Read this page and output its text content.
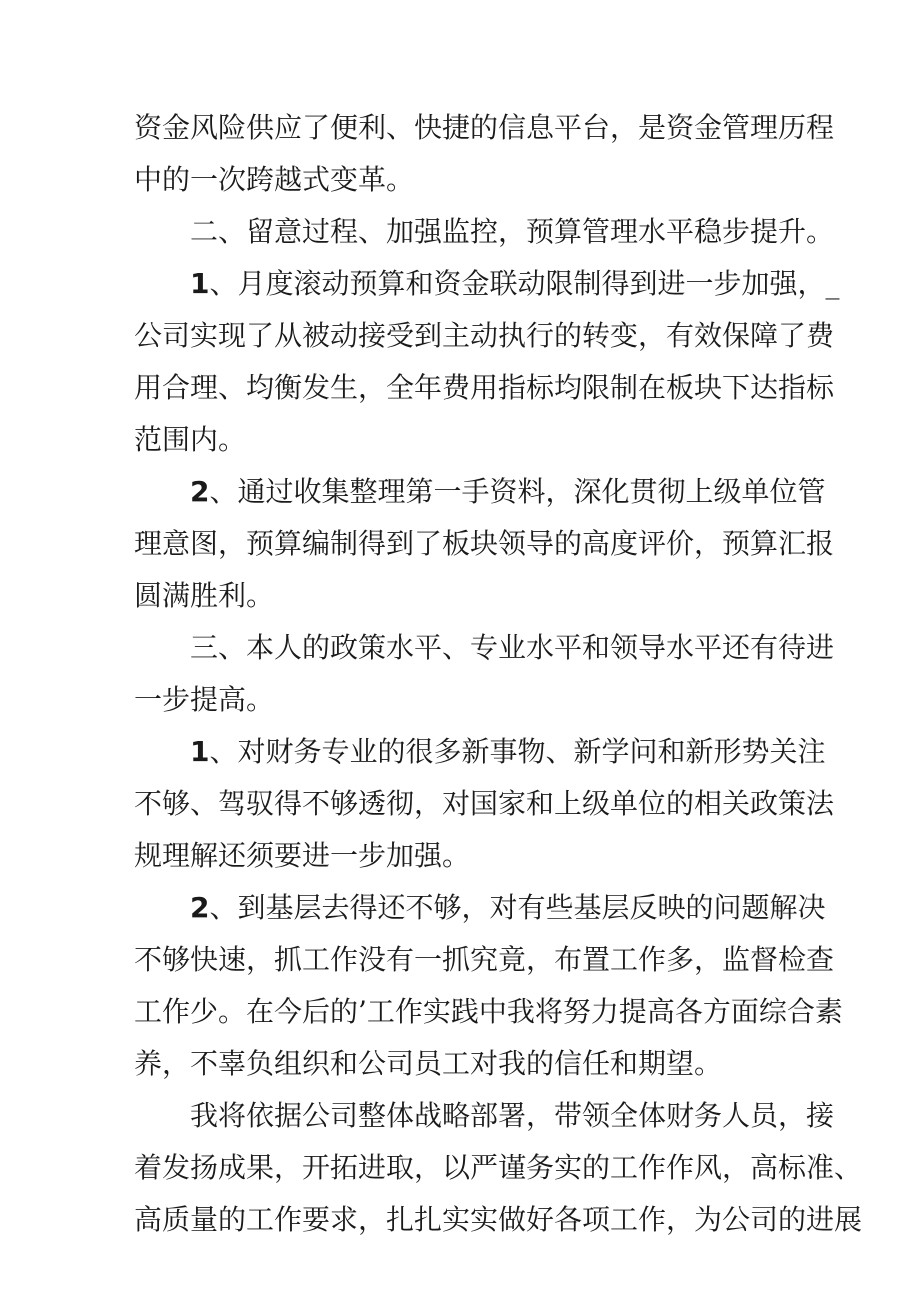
资金风险供应了便利、快捷的信息平台，是资金管理历程
中的一次跨越式变革。
二、留意过程、加强监控，预算管理水平稳步提升。
1、月度滚动预算和资金联动限制得到进一步加强，_
公司实现了从被动接受到主动执行的转变，有效保障了费
用合理、均衡发生，全年费用指标均限制在板块下达指标
范围内。
2、通过收集整理第一手资料，深化贯彻上级单位管
理意图，预算编制得到了板块领导的高度评价，预算汇报
圆满胜利。
三、本人的政策水平、专业水平和领导水平还有待进
一步提高。
1、对财务专业的很多新事物、新学问和新形势关注
不够、驾驭得不够透彻，对国家和上级单位的相关政策法
规理解还须要进一步加强。
2、到基层去得还不够，对有些基层反映的问题解决
不够快速，抓工作没有一抓究竟，布置工作多，监督检查
工作少。在今后的’工作实践中我将努力提高各方面综合素
养，不辜负组织和公司员工对我的信任和期望。
我将依据公司整体战略部署，带领全体财务人员，接
着发扬成果，开拓进取，以严谨务实的工作作风，高标准、
高质量的工作要求，扎扎实实做好各项工作，为公司的进展
